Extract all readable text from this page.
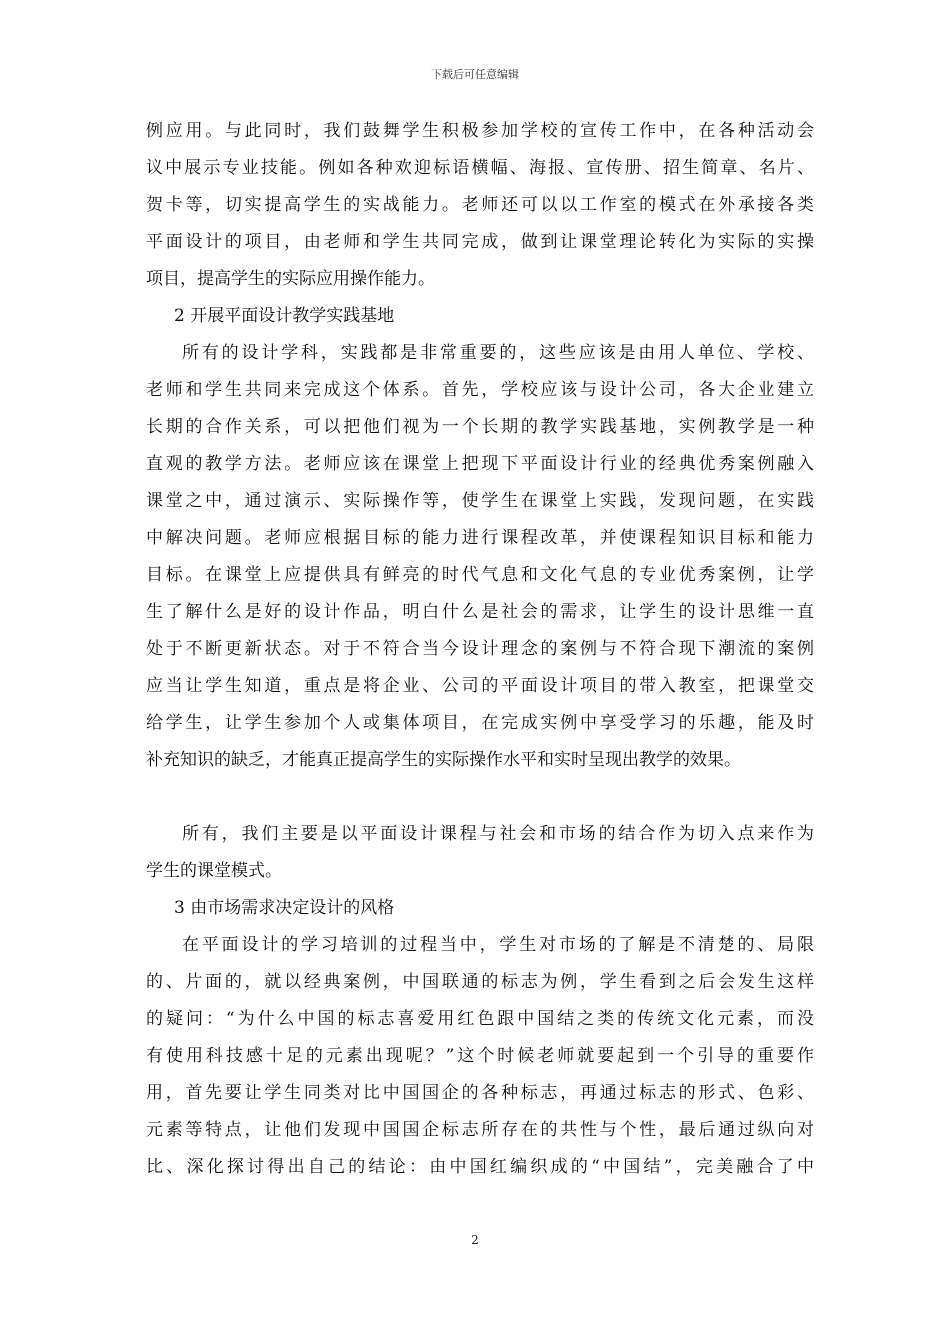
下载后可任意编辑
例应用。与此同时，我们鼓舞学生积极参加学校的宣传工作中，在各种活动会
议中展示专业技能。例如各种欢迎标语横幅、海报、宣传册、招生简章、名片、
贺卡等，切实提高学生的实战能力。老师还可以以工作室的模式在外承接各类
平面设计的项目，由老师和学生共同完成，做到让课堂理论转化为实际的实操
项目，提高学生的实际应用操作能力。
2 开展平面设计教学实践基地
所有的设计学科，实践都是非常重要的，这些应该是由用人单位、学校、
老师和学生共同来完成这个体系。首先，学校应该与设计公司，各大企业建立
长期的合作关系，可以把他们视为一个长期的教学实践基地，实例教学是一种
直观的教学方法。老师应该在课堂上把现下平面设计行业的经典优秀案例融入
课堂之中，通过演示、实际操作等，使学生在课堂上实践，发现问题，在实践
中解决问题。老师应根据目标的能力进行课程改革，并使课程知识目标和能力
目标。在课堂上应提供具有鲜亮的时代气息和文化气息的专业优秀案例，让学
生了解什么是好的设计作品，明白什么是社会的需求，让学生的设计思维一直
处于不断更新状态。对于不符合当今设计理念的案例与不符合现下潮流的案例
应当让学生知道，重点是将企业、公司的平面设计项目的带入教室，把课堂交
给学生，让学生参加个人或集体项目，在完成实例中享受学习的乐趣，能及时
补充知识的缺乏，才能真正提高学生的实际操作水平和实时呈现出教学的效果。
所有，我们主要是以平面设计课程与社会和市场的结合作为切入点来作为
学生的课堂模式。
3 由市场需求决定设计的风格
在平面设计的学习培训的过程当中，学生对市场的了解是不清楚的、局限
的、片面的，就以经典案例，中国联通的标志为例，学生看到之后会发生这样
的疑问：“为什么中国的标志喜爱用红色跟中国结之类的传统文化元素，而没
有使用科技感十足的元素出现呢？”这个时候老师就要起到一个引导的重要作
用，首先要让学生同类对比中国国企的各种标志，再通过标志的形式、色彩、
元素等特点，让他们发现中国国企标志所存在的共性与个性，最后通过纵向对
比、深化探讨得出自己的结论：由中国红编织成的“中国结”，完美融合了中
2
